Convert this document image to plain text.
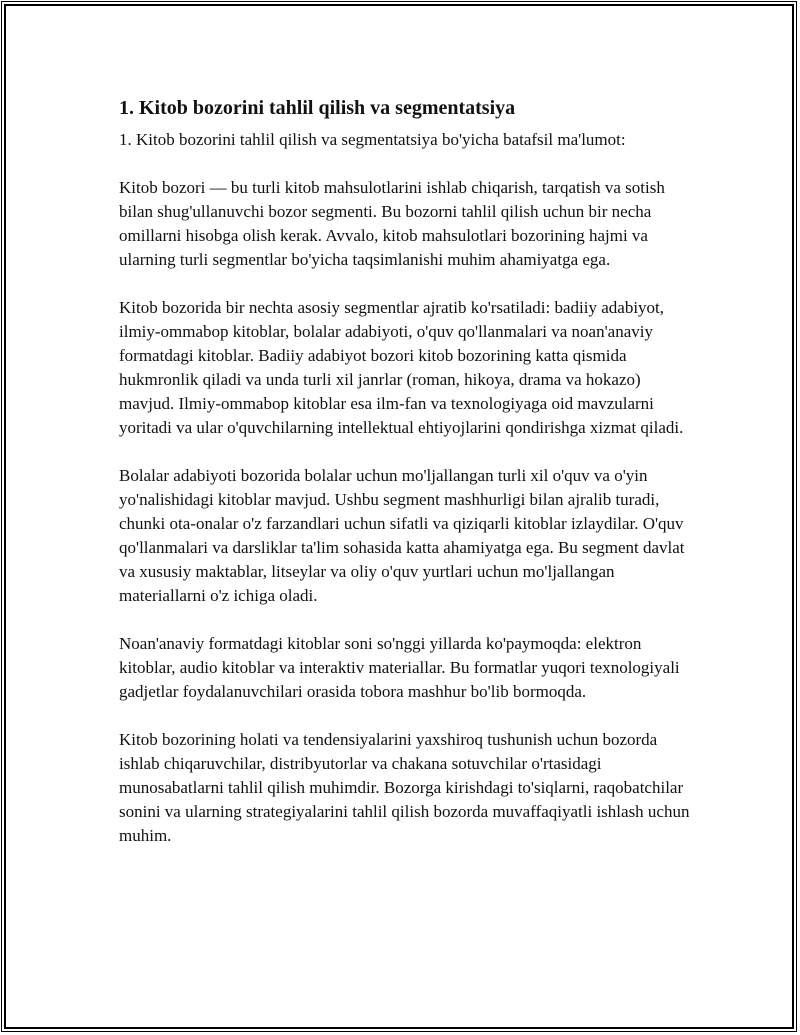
1. Kitob bozorini tahlil qilish va segmentatsiya

1. Kitob bozorini tahlil qilish va segmentatsiya bo'yicha batafsil ma'lumot:

Kitob bozori — bu turli kitob mahsulotlarini ishlab chiqarish, tarqatish va sotish bilan shug'ullanuvchi bozor segmenti. Bu bozorni tahlil qilish uchun bir necha omillarni hisobga olish kerak. Avvalo, kitob mahsulotlari bozorining hajmi va ularning turli segmentlar bo'yicha taqsimlanishi muhim ahamiyatga ega.

Kitob bozorida bir nechta asosiy segmentlar ajratib ko'rsatiladi: badiiy adabiyot, ilmiy-ommabop kitoblar, bolalar adabiyoti, o'quv qo'llanmalari va noan'anaviy formatdagi kitoblar. Badiiy adabiyot bozori kitob bozorining katta qismida hukmronlik qiladi va unda turli xil janrlar (roman, hikoya, drama va hokazo) mavjud. Ilmiy-ommabop kitoblar esa ilm-fan va texnologiyaga oid mavzularni yoritadi va ular o'quvchilarning intellektual ehtiyojlarini qondirishga xizmat qiladi.

Bolalar adabiyoti bozorida bolalar uchun mo'ljallangan turli xil o'quv va o'yin yo'nalishidagi kitoblar mavjud. Ushbu segment mashhurligi bilan ajralib turadi, chunki ota-onalar o'z farzandlari uchun sifatli va qiziqarli kitoblar izlaydilar. O'quv qo'llanmalari va darsliklar ta'lim sohasida katta ahamiyatga ega. Bu segment davlat va xususiy maktablar, litseylar va oliy o'quv yurtlari uchun mo'ljallangan materiallarni o'z ichiga oladi.

Noan'anaviy formatdagi kitoblar soni so'nggi yillarda ko'paymoqda: elektron kitoblar, audio kitoblar va interaktiv materiallar. Bu formatlar yuqori texnologiyali gadjetlar foydalanuvchilari orasida tobora mashhur bo'lib bormoqda.

Kitob bozorining holati va tendensiyalarini yaxshiroq tushunish uchun bozorda ishlab chiqaruvchilar, distribyutorlar va chakana sotuvchilar o'rtasidagi munosabatlarni tahlil qilish muhimdir. Bozorga kirishdagi to'siqlarni, raqobatchilar sonini va ularning strategiyalarini tahlil qilish bozorda muvaffaqiyatli ishlash uchun muhim.
